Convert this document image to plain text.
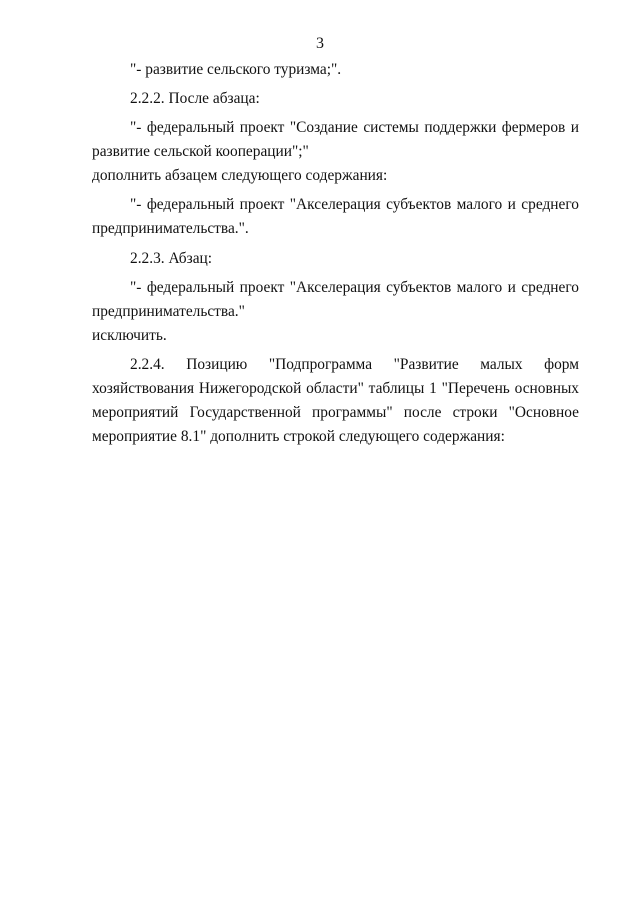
3

"- развитие сельского туризма;".

2.2.2. После абзаца:

"- федеральный проект "Создание системы поддержки фермеров и развитие сельской кооперации";"

дополнить абзацем следующего содержания:

"- федеральный проект "Акселерация субъектов малого и среднего предпринимательства.".

2.2.3. Абзац:

"- федеральный проект "Акселерация субъектов малого и среднего предпринимательства."

исключить.

2.2.4. Позицию "Подпрограмма "Развитие малых форм хозяйствования Нижегородской области" таблицы 1 "Перечень основных мероприятий Государственной программы" после строки "Основное мероприятие 8.1" дополнить строкой следующего содержания:
